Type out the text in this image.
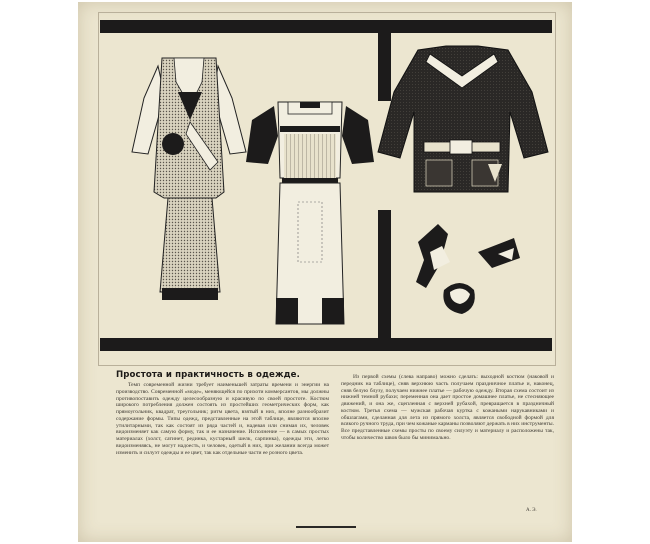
Простота и практичность в одежде.
Темп современной жизни требует наименьшей затраты времени и энергии на производство. Современной «моде», меняющейся по прихоти коммерсантов, мы должны противопоставить одежду целесообразную и красивую по своей простоте. Костюм широкого потребления должен состоять из простейших геометрических форм, как прямоугольник, квадрат, треугольник; ритм цвета, взятый в них, вполне разнообразит содержание формы. Типы одежд, представленные на этой таблице, являются вполне утилитарными, так как состоят из ряда частей и, надевая или снимая их, человек видоизменяет как самую форму, так и ее назначение. Исполнение — в самых простых материалах (холст, сатинет, рединка, кустарный шелк, сарпинка), одежды эти, легко видоизменяясь, не могут надоесть, и человек, одетый в них, при желании всегда может изменить и силуэт одежды и ее цвет, так как отдельные части ее розного цвета.
Из первой схемы (слева направо) можно сделать: выходной костюм (наковой и передник на таблице), сняв верхнюю часть получаем праздничное платье и, наконец, сняв белую блузу, получаем нижнее платье — рабочую одежду. Вторая схема состоит из нижней темной рубахи; переменная она дает простое домашнее платье, не стесняющее движений, и она же, сцепленная с верхней рубахой, превращается в праздничный костюм. Третья схема — мужская рабочая куртка с кожаными нарукавниками и обшлагами, сделанная для лета из прямого холста, является свободной формой для всякого ручного труда, при чем кожаные карманы позволяют держать в них инструменты. Все представленные схемы просты по своему силуэту и материалу и расположены так, чтобы количество швов было бы минимально.
А. Э.
